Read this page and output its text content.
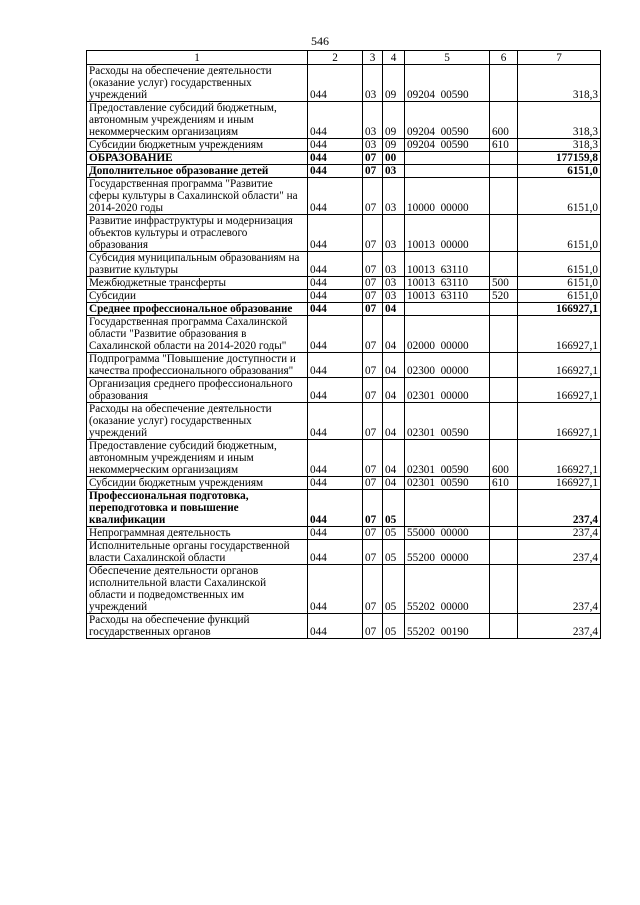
546
1	2	3	4	5	6	7
Расходы на обеспечение деятельности (оказание услуг) государственных учреждений	044	03	09	09204  00590		318,3
Предоставление субсидий бюджетным, автономным учреждениям и иным некоммерческим организациям	044	03	09	09204  00590	600	318,3
Субсидии бюджетным учреждениям	044	03	09	09204  00590	610	318,3
ОБРАЗОВАНИЕ	044	07	00			177159,8
Дополнительное образование детей	044	07	03			6151,0
Государственная программа "Развитие сферы культуры в Сахалинской области" на 2014-2020 годы	044	07	03	10000  00000		6151,0
Развитие инфраструктуры и модернизация объектов культуры и отраслевого образования	044	07	03	10013  00000		6151,0
Субсидия муниципальным образованиям на развитие культуры	044	07	03	10013  63110		6151,0
Межбюджетные трансферты	044	07	03	10013  63110	500	6151,0
Субсидии	044	07	03	10013  63110	520	6151,0
Среднее профессиональное образование	044	07	04			166927,1
Государственная программа Сахалинской области "Развитие образования в Сахалинской области на 2014-2020 годы"	044	07	04	02000  00000		166927,1
Подпрограмма "Повышение доступности и качества профессионального образования"	044	07	04	02300  00000		166927,1
Организация среднего профессионального образования	044	07	04	02301  00000		166927,1
Расходы на обеспечение деятельности (оказание услуг) государственных учреждений	044	07	04	02301  00590		166927,1
Предоставление субсидий бюджетным, автономным учреждениям и иным некоммерческим организациям	044	07	04	02301  00590	600	166927,1
Субсидии бюджетным учреждениям	044	07	04	02301  00590	610	166927,1
Профессиональная подготовка, переподготовка и повышение квалификации	044	07	05			237,4
Непрограммная деятельность	044	07	05	55000  00000		237,4
Исполнительные органы государственной власти Сахалинской области	044	07	05	55200  00000		237,4
Обеспечение деятельности органов исполнительной власти Сахалинской области и подведомственных им учреждений	044	07	05	55202  00000		237,4
Расходы на обеспечение функций государственных органов	044	07	05	55202  00190		237,4
